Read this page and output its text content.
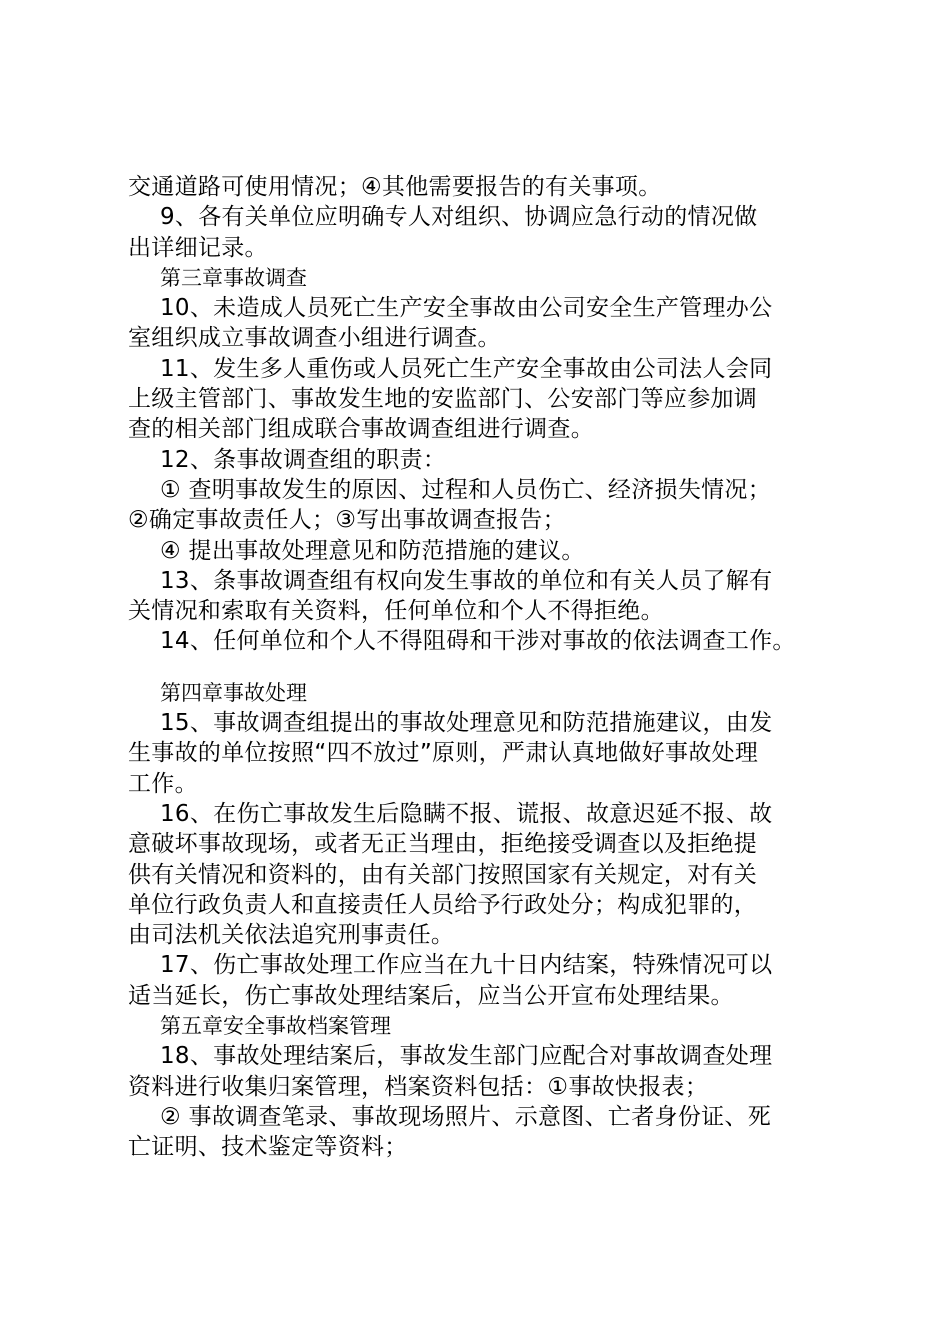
交通道路可使用情况；④其他需要报告的有关事项。
9、各有关单位应明确专人对组织、协调应急行动的情况做
出详细记录。
第三章事故调查
10、未造成人员死亡生产安全事故由公司安全生产管理办公
室组织成立事故调查小组进行调查。
11、发生多人重伤或人员死亡生产安全事故由公司法人会同
上级主管部门、事故发生地的安监部门、公安部门等应参加调
查的相关部门组成联合事故调查组进行调查。
12、条事故调查组的职责：
① 查明事故发生的原因、过程和人员伤亡、经济损失情况；
②确定事故责任人；③写出事故调查报告；
④ 提出事故处理意见和防范措施的建议。
13、条事故调查组有权向发生事故的单位和有关人员了解有
关情况和索取有关资料，任何单位和个人不得拒绝。
14、任何单位和个人不得阻碍和干涉对事故的依法调查工作。
第四章事故处理
15、事故调查组提出的事故处理意见和防范措施建议，由发
生事故的单位按照“四不放过”原则，严肃认真地做好事故处理
工作。
16、在伤亡事故发生后隐瞒不报、谎报、故意迟延不报、故
意破坏事故现场，或者无正当理由，拒绝接受调查以及拒绝提
供有关情况和资料的，由有关部门按照国家有关规定，对有关
单位行政负责人和直接责任人员给予行政处分；构成犯罪的，
由司法机关依法追究刑事责任。
17、伤亡事故处理工作应当在九十日内结案，特殊情况可以
适当延长，伤亡事故处理结案后，应当公开宣布处理结果。
第五章安全事故档案管理
18、事故处理结案后，事故发生部门应配合对事故调查处理
资料进行收集归案管理，档案资料包括：①事故快报表；
② 事故调查笔录、事故现场照片、示意图、亡者身份证、死
亡证明、技术鉴定等资料；
